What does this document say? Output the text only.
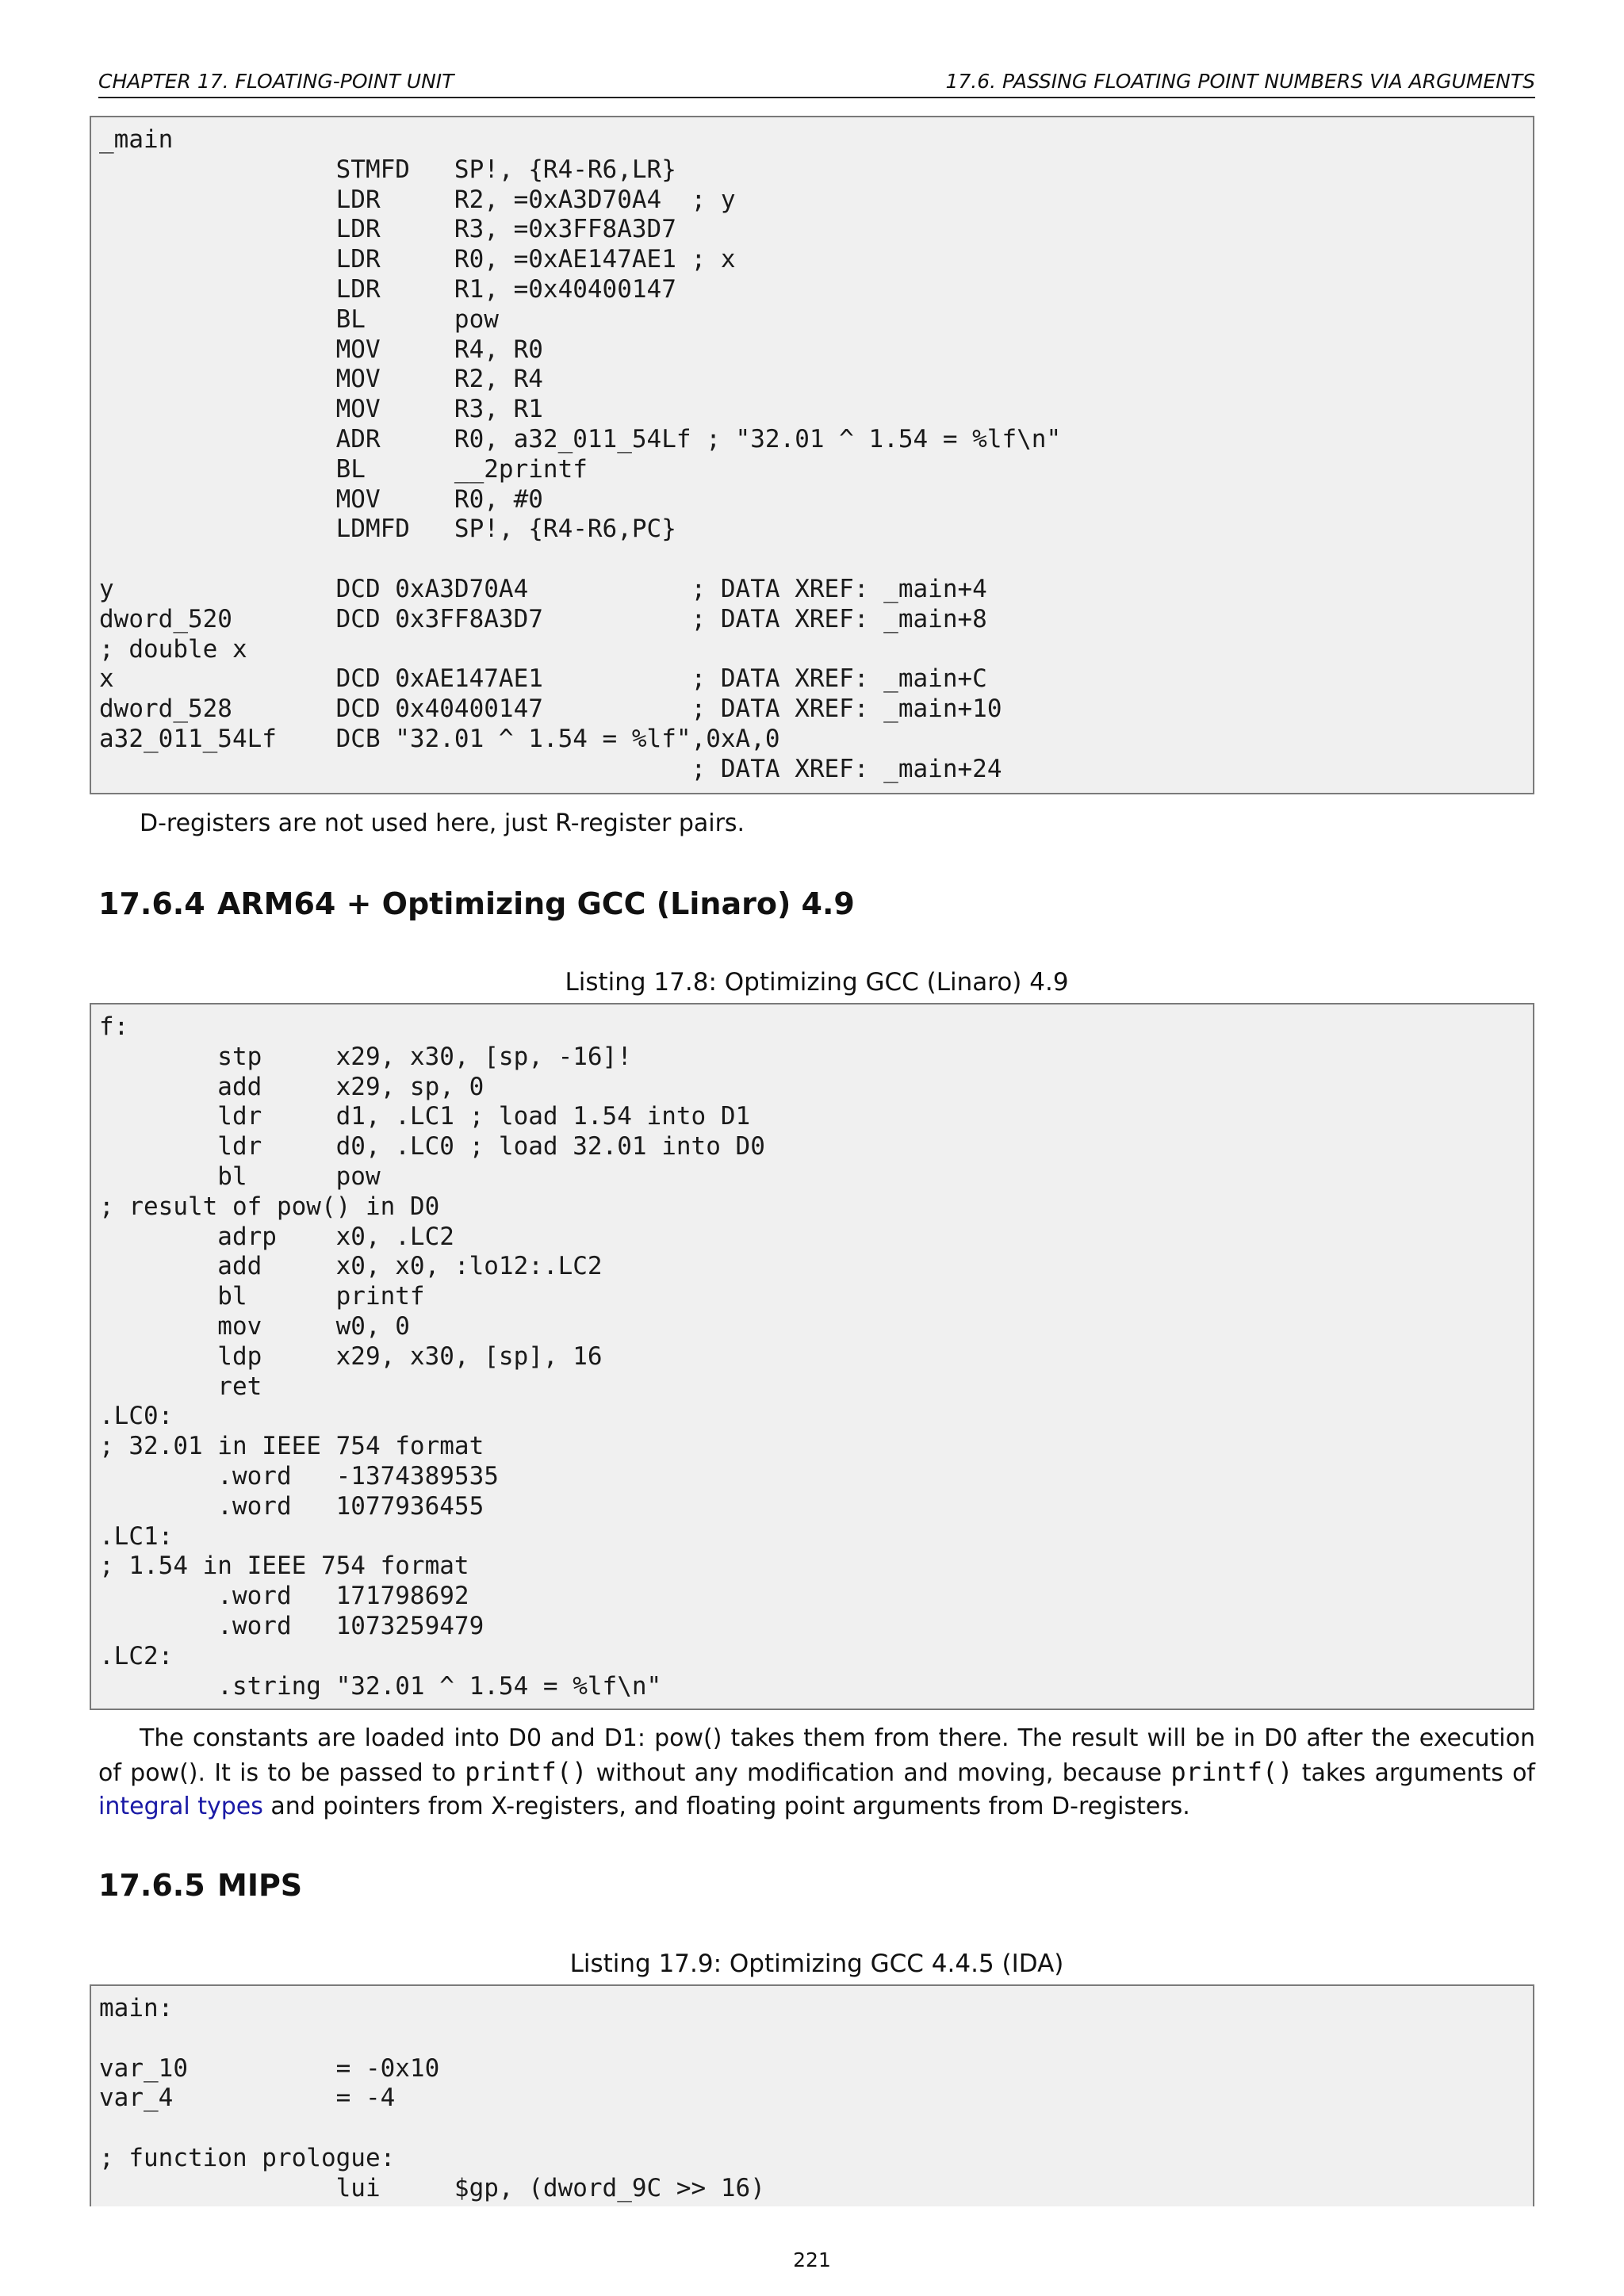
CHAPTER 17. FLOATING-POINT UNIT	17.6. PASSING FLOATING POINT NUMBERS VIA ARGUMENTS
_main
STMFD   SP!, {R4-R6,LR}
LDR     R2, =0xA3D70A4  ; y
LDR     R3, =0x3FF8A3D7
LDR     R0, =0xAE147AE1 ; x
LDR     R1, =0x40400147
BL      pow
MOV     R4, R0
MOV     R2, R4
MOV     R3, R1
ADR     R0, a32_011_54Lf ; "32.01 ^ 1.54 = %lf\n"
BL      __2printf
MOV     R0, #0
LDMFD   SP!, {R4-R6,PC}

y               DCD 0xA3D70A4           ; DATA XREF: _main+4
dword_520       DCD 0x3FF8A3D7          ; DATA XREF: _main+8
; double x
x               DCD 0xAE147AE1          ; DATA XREF: _main+C
dword_528       DCD 0x40400147          ; DATA XREF: _main+10
a32_011_54Lf    DCB "32.01 ^ 1.54 = %lf",0xA,0
; DATA XREF: _main+24
D-registers are not used here, just R-register pairs.
17.6.4 ARM64 + Optimizing GCC (Linaro) 4.9
Listing 17.8: Optimizing GCC (Linaro) 4.9
f:
stp     x29, x30, [sp, -16]!
add     x29, sp, 0
ldr     d1, .LC1 ; load 1.54 into D1
ldr     d0, .LC0 ; load 32.01 into D0
bl      pow
; result of pow() in D0
adrp    x0, .LC2
add     x0, x0, :lo12:.LC2
bl      printf
mov     w0, 0
ldp     x29, x30, [sp], 16
ret
.LC0:
; 32.01 in IEEE 754 format
.word   -1374389535
.word   1077936455
.LC1:
; 1.54 in IEEE 754 format
.word   171798692
.word   1073259479
.LC2:
.string "32.01 ^ 1.54 = %lf\n"
The constants are loaded into D0 and D1: pow() takes them from there. The result will be in D0 after the execution of pow(). It is to be passed to printf() without any modification and moving, because printf() takes arguments of integral types and pointers from X-registers, and floating point arguments from D-registers.
17.6.5 MIPS
Listing 17.9: Optimizing GCC 4.4.5 (IDA)
main:

var_10          = -0x10
var_4           = -4

; function prologue:
lui     $gp, (dword_9C >> 16)
221
